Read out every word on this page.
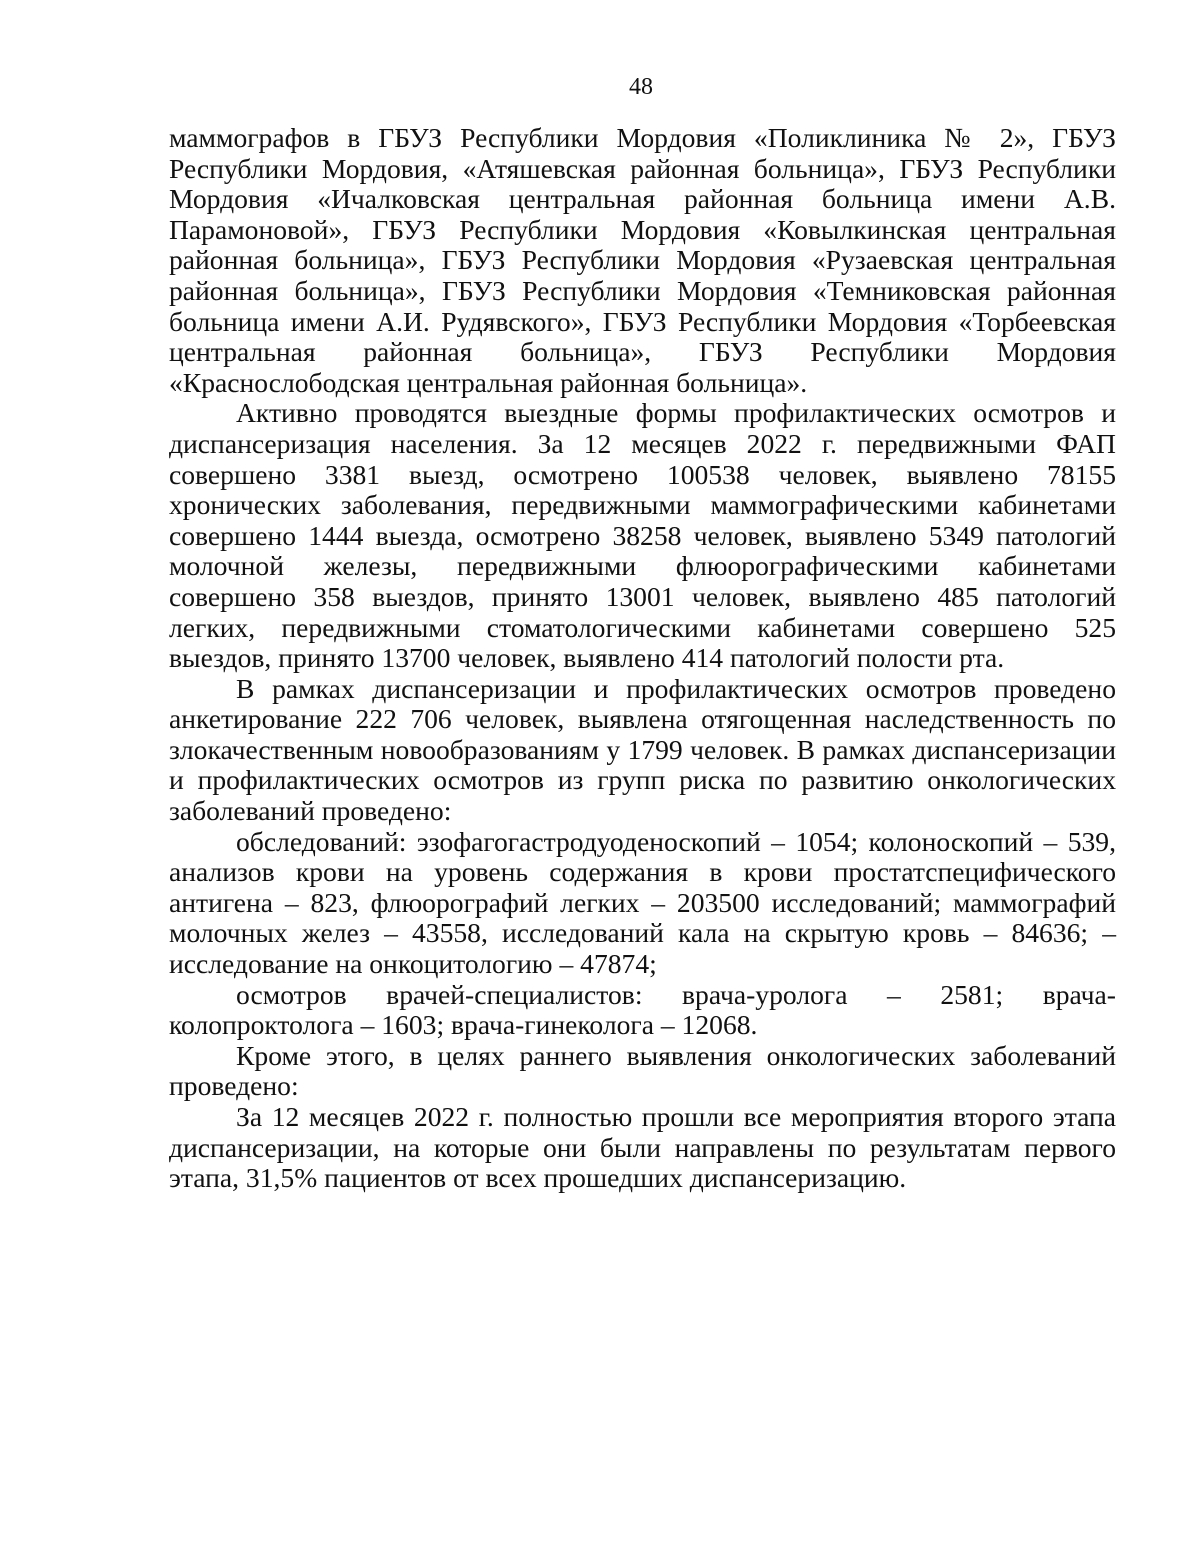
48

маммографов в ГБУЗ Республики Мордовия «Поликлиника № 2», ГБУЗ Республики Мордовия, «Атяшевская районная больница», ГБУЗ Республики Мордовия «Ичалковская центральная районная больница имени А.В. Парамоновой», ГБУЗ Республики Мордовия «Ковылкинская центральная районная больница», ГБУЗ Республики Мордовия «Рузаевская центральная районная больница», ГБУЗ Республики Мордовия «Темниковская районная больница имени А.И. Рудявского», ГБУЗ Республики Мордовия «Торбеевская центральная районная больница», ГБУЗ Республики Мордовия «Краснослободская центральная районная больница».

Активно проводятся выездные формы профилактических осмотров и диспансеризация населения. За 12 месяцев 2022 г. передвижными ФАП совершено 3381 выезд, осмотрено 100538 человек, выявлено 78155 хронических заболевания, передвижными маммографическими кабинетами совершено 1444 выезда, осмотрено 38258 человек, выявлено 5349 патологий молочной железы, передвижными флюорографическими кабинетами совершено 358 выездов, принято 13001 человек, выявлено 485 патологий легких, передвижными стоматологическими кабинетами совершено 525 выездов, принято 13700 человек, выявлено 414 патологий полости рта.

В рамках диспансеризации и профилактических осмотров проведено анкетирование 222 706 человек, выявлена отягощенная наследственность по злокачественным новообразованиям у 1799 человек. В рамках диспансеризации и профилактических осмотров из групп риска по развитию онкологических заболеваний проведено:

обследований: эзофагогастродуоденоскопий – 1054; колоноскопий – 539, анализов крови на уровень содержания в крови простатспецифического антигена – 823, флюорографий легких – 203500 исследований; маммографий молочных желез – 43558, исследований кала на скрытую кровь – 84636; – исследование на онкоцитологию – 47874;

осмотров врачей-специалистов: врача-уролога – 2581; врача-колопроктолога – 1603; врача-гинеколога – 12068.

Кроме этого, в целях раннего выявления онкологических заболеваний проведено:

За 12 месяцев 2022 г. полностью прошли все мероприятия второго этапа диспансеризации, на которые они были направлены по результатам первого этапа, 31,5% пациентов от всех прошедших диспансеризацию.
